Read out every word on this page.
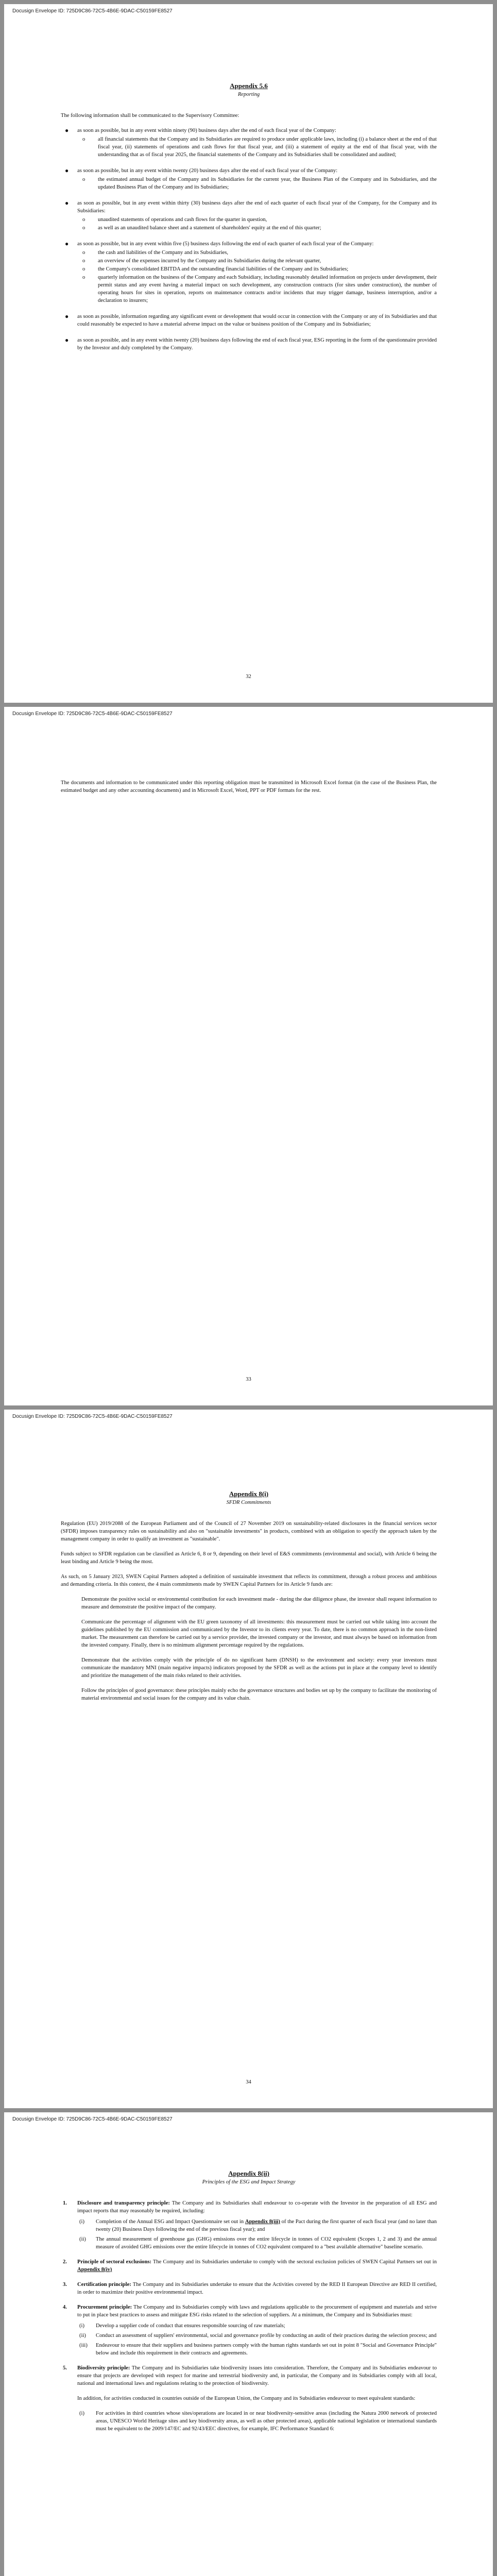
Docusign Envelope ID: 725D9C86-72C5-4B6E-9DAC-C50159FE8527
Appendix 5.6
Reporting

The following information shall be communicated to the Supervisory Committee:

● as soon as possible, but in any event within ninety (90) business days after the end of each fiscal year of the Company:
o all financial statements that the Company and its Subsidiaries are required to produce under applicable laws, including (i) a balance sheet at the end of that fiscal year, (ii) statements of operations and cash flows for that fiscal year, and (iii) a statement of equity at the end of that fiscal year, with the understanding that as of fiscal year 2025, the financial statements of the Company and its Subsidiaries shall be consolidated and audited;
● as soon as possible, but in any event within twenty (20) business days after the end of each fiscal year of the Company:
o the estimated annual budget of the Company and its Subsidiaries for the current year, the Business Plan of the Company and its Subsidiaries, and the updated Business Plan of the Company and its Subsidiaries;
● as soon as possible, but in any event within thirty (30) business days after the end of each quarter of each fiscal year of the Company, for the Company and its Subsidiaries:
o unaudited statements of operations and cash flows for the quarter in question,
o as well as an unaudited balance sheet and a statement of shareholders' equity at the end of this quarter;
● as soon as possible, but in any event within five (5) business days following the end of each quarter of each fiscal year of the Company:
o the cash and liabilities of the Company and its Subsidiaries,
o an overview of the expenses incurred by the Company and its Subsidiaries during the relevant quarter,
o the Company's consolidated EBITDA and the outstanding financial liabilities of the Company and its Subsidiaries;
o quarterly information on the business of the Company and each Subsidiary, including reasonably detailed information on projects under development, their permit status and any event having a material impact on such development, any construction contracts (for sites under construction), the number of operating hours for sites in operation, reports on maintenance contracts and/or incidents that may trigger damage, business interruption, and/or a declaration to insurers;
● as soon as possible, information regarding any significant event or development that would occur in connection with the Company or any of its Subsidiaries and that could reasonably be expected to have a material adverse impact on the value or business position of the Company and its Subsidiaries;
● as soon as possible, and in any event within twenty (20) business days following the end of each fiscal year, ESG reporting in the form of the questionnaire provided by the Investor and duly completed by the Company.
32
Docusign Envelope ID: 725D9C86-72C5-4B6E-9DAC-C50159FE8527

The documents and information to be communicated under this reporting obligation must be transmitted in Microsoft Excel format (in the case of the Business Plan, the estimated budget and any other accounting documents) and in Microsoft Excel, Word, PPT or PDF formats for the rest.

33
Docusign Envelope ID: 725D9C86-72C5-4B6E-9DAC-C50159FE8527
Appendix 8(i)
SFDR Commitments

Regulation (EU) 2019/2088 of the European Parliament and of the Council of 27 November 2019 on sustainability-related disclosures in the financial services sector (SFDR) imposes transparency rules on sustainability and also on "sustainable investments" in products, combined with an obligation to specify the approach taken by the management company in order to qualify an investment as "sustainable".

Funds subject to SFDR regulation can be classified as Article 6, 8 or 9, depending on their level of E&S commitments (environmental and social), with Article 6 being the least binding and Article 9 being the most.

As such, on 5 January 2023, SWEN Capital Partners adopted a definition of sustainable investment that reflects its commitment, through a robust process and ambitious and demanding criteria. In this context, the 4 main commitments made by SWEN Capital Partners for its Article 9 funds are:

Demonstrate the positive social or environmental contribution for each investment made - during the due diligence phase, the investor shall request information to measure and demonstrate the positive impact of the company.

Communicate the percentage of alignment with the EU green taxonomy of all investments: this measurement must be carried out while taking into account the guidelines published by the EU commission and communicated by the Investor to its clients every year. To date, there is no common approach in the non-listed market. The measurement can therefore be carried out by a service provider, the invested company or the investor, and must always be based on information from the invested company. Finally, there is no minimum alignment percentage required by the regulations.

Demonstrate that the activities comply with the principle of do no significant harm (DNSH) to the environment and society: every year investors must communicate the mandatory MNI (main negative impacts) indicators proposed by the SFDR as well as the actions put in place at the company level to identify and prioritize the management of the main risks related to their activities.

Follow the principles of good governance: these principles mainly echo the governance structures and bodies set up by the company to facilitate the monitoring of material environmental and social issues for the company and its value chain.

34
Docusign Envelope ID: 725D9C86-72C5-4B6E-9DAC-C50159FE8527
Appendix 8(ii)
Principles of the ESG and Impact Strategy
1. Disclosure and transparency principle: The Company and its Subsidiaries shall endeavour to co-operate with the Investor in the preparation of all ESG and impact reports that may reasonably be required, including:
(i) Completion of the Annual ESG and Impact Questionnaire set out in Appendix 8(iii) of the Pact during the first quarter of each fiscal year (and no later than twenty (20) Business Days following the end of the previous fiscal year); and
(ii) The annual measurement of greenhouse gas (GHG) emissions over the entire lifecycle in tonnes of CO2 equivalent (Scopes 1, 2 and 3) and the annual measure of avoided GHG emissions over the entire lifecycle in tonnes of CO2 equivalent compared to a "best available alternative" baseline scenario.
2. Principle of sectoral exclusions: The Company and its Subsidiaries undertake to comply with the sectoral exclusion policies of SWEN Capital Partners set out in Appendix 8(iv)
3. Certification principle: The Company and its Subsidiaries undertake to ensure that the Activities covered by the RED II European Directive are RED II certified, in order to maximize their positive environmental impact.
4. Procurement principle: The Company and its Subsidiaries comply with laws and regulations applicable to the procurement of equipment and materials and strive to put in place best practices to assess and mitigate ESG risks related to the selection of suppliers. At a minimum, the Company and its Subsidiaries must:
(i) Develop a supplier code of conduct that ensures responsible sourcing of raw materials;
(ii) Conduct an assessment of suppliers' environmental, social and governance profile by conducting an audit of their practices during the selection process; and
(iii) Endeavour to ensure that their suppliers and business partners comply with the human rights standards set out in point 8 "Social and Governance Principle" below and include this requirement in their contracts and agreements.
5. Biodiversity principle: The Company and its Subsidiaries take biodiversity issues into consideration. Therefore, the Company and its Subsidiaries endeavour to ensure that projects are developed with respect for marine and terrestrial biodiversity and, in particular, the Company and its Subsidiaries comply with all local, national and international laws and regulations relating to the protection of biodiversity.

In addition, for activities conducted in countries outside of the European Union, the Company and its Subsidiaries endeavour to meet equivalent standards:

(i) For activities in third countries whose sites/operations are located in or near biodiversity-sensitive areas (including the Natura 2000 network of protected areas, UNESCO World Heritage sites and key biodiversity areas, as well as other protected areas), applicable national legislation or international standards must be equivalent to the 2009/147/EC and 92/43/EEC directives, for example, IFC Performance Standard 6:
